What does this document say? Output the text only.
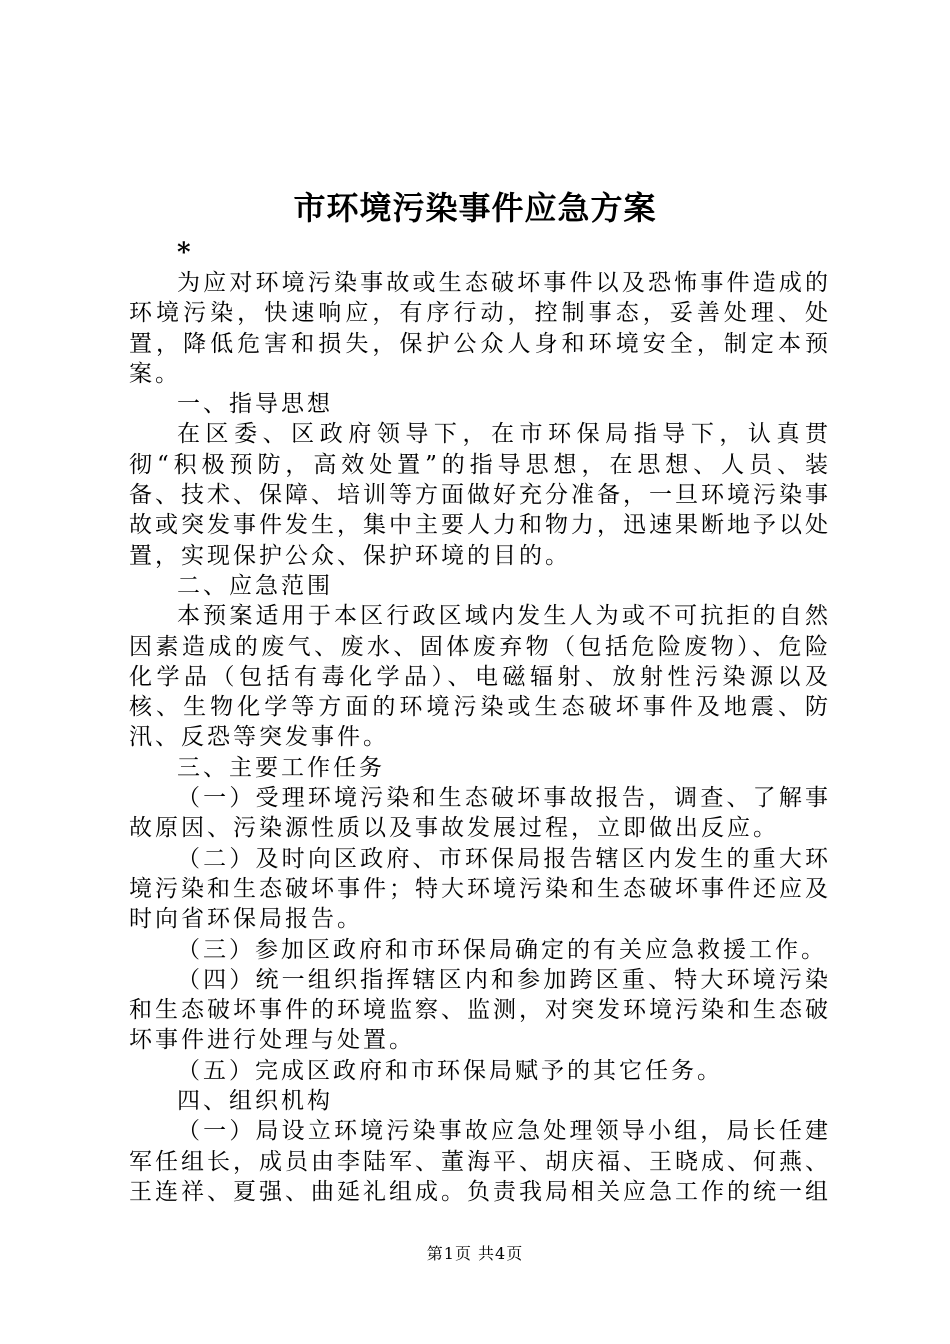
市环境污染事件应急方案
*

为应对环境污染事故或生态破坏事件以及恐怖事件造成的环境污染，快速响应，有序行动，控制事态，妥善处理、处置，降低危害和损失，保护公众人身和环境安全，制定本预案。

一、指导思想

在区委、区政府领导下，在市环保局指导下，认真贯彻“积极预防，高效处置”的指导思想，在思想、人员、装备、技术、保障、培训等方面做好充分准备，一旦环境污染事故或突发事件发生，集中主要人力和物力，迅速果断地予以处置，实现保护公众、保护环境的目的。

二、应急范围

本预案适用于本区行政区域内发生人为或不可抗拒的自然因素造成的废气、废水、固体废弃物（包括危险废物）、危险化学品（包括有毒化学品）、电磁辐射、放射性污染源以及核、生物化学等方面的环境污染或生态破坏事件及地震、防汛、反恐等突发事件。

三、主要工作任务

（一）受理环境污染和生态破坏事故报告，调查、了解事故原因、污染源性质以及事故发展过程，立即做出反应。

（二）及时向区政府、市环保局报告辖区内发生的重大环境污染和生态破坏事件；特大环境污染和生态破坏事件还应及时向省环保局报告。

（三）参加区政府和市环保局确定的有关应急救援工作。

（四）统一组织指挥辖区内和参加跨区重、特大环境污染和生态破坏事件的环境监察、监测，对突发环境污染和生态破坏事件进行处理与处置。

（五）完成区政府和市环保局赋予的其它任务。

四、组织机构

（一）局设立环境污染事故应急处理领导小组，局长任建军任组长，成员由李陆军、董海平、胡庆福、王晓成、何燕、王连祥、夏强、曲延礼组成。负责我局相关应急工作的统一组

第1页 共4页
